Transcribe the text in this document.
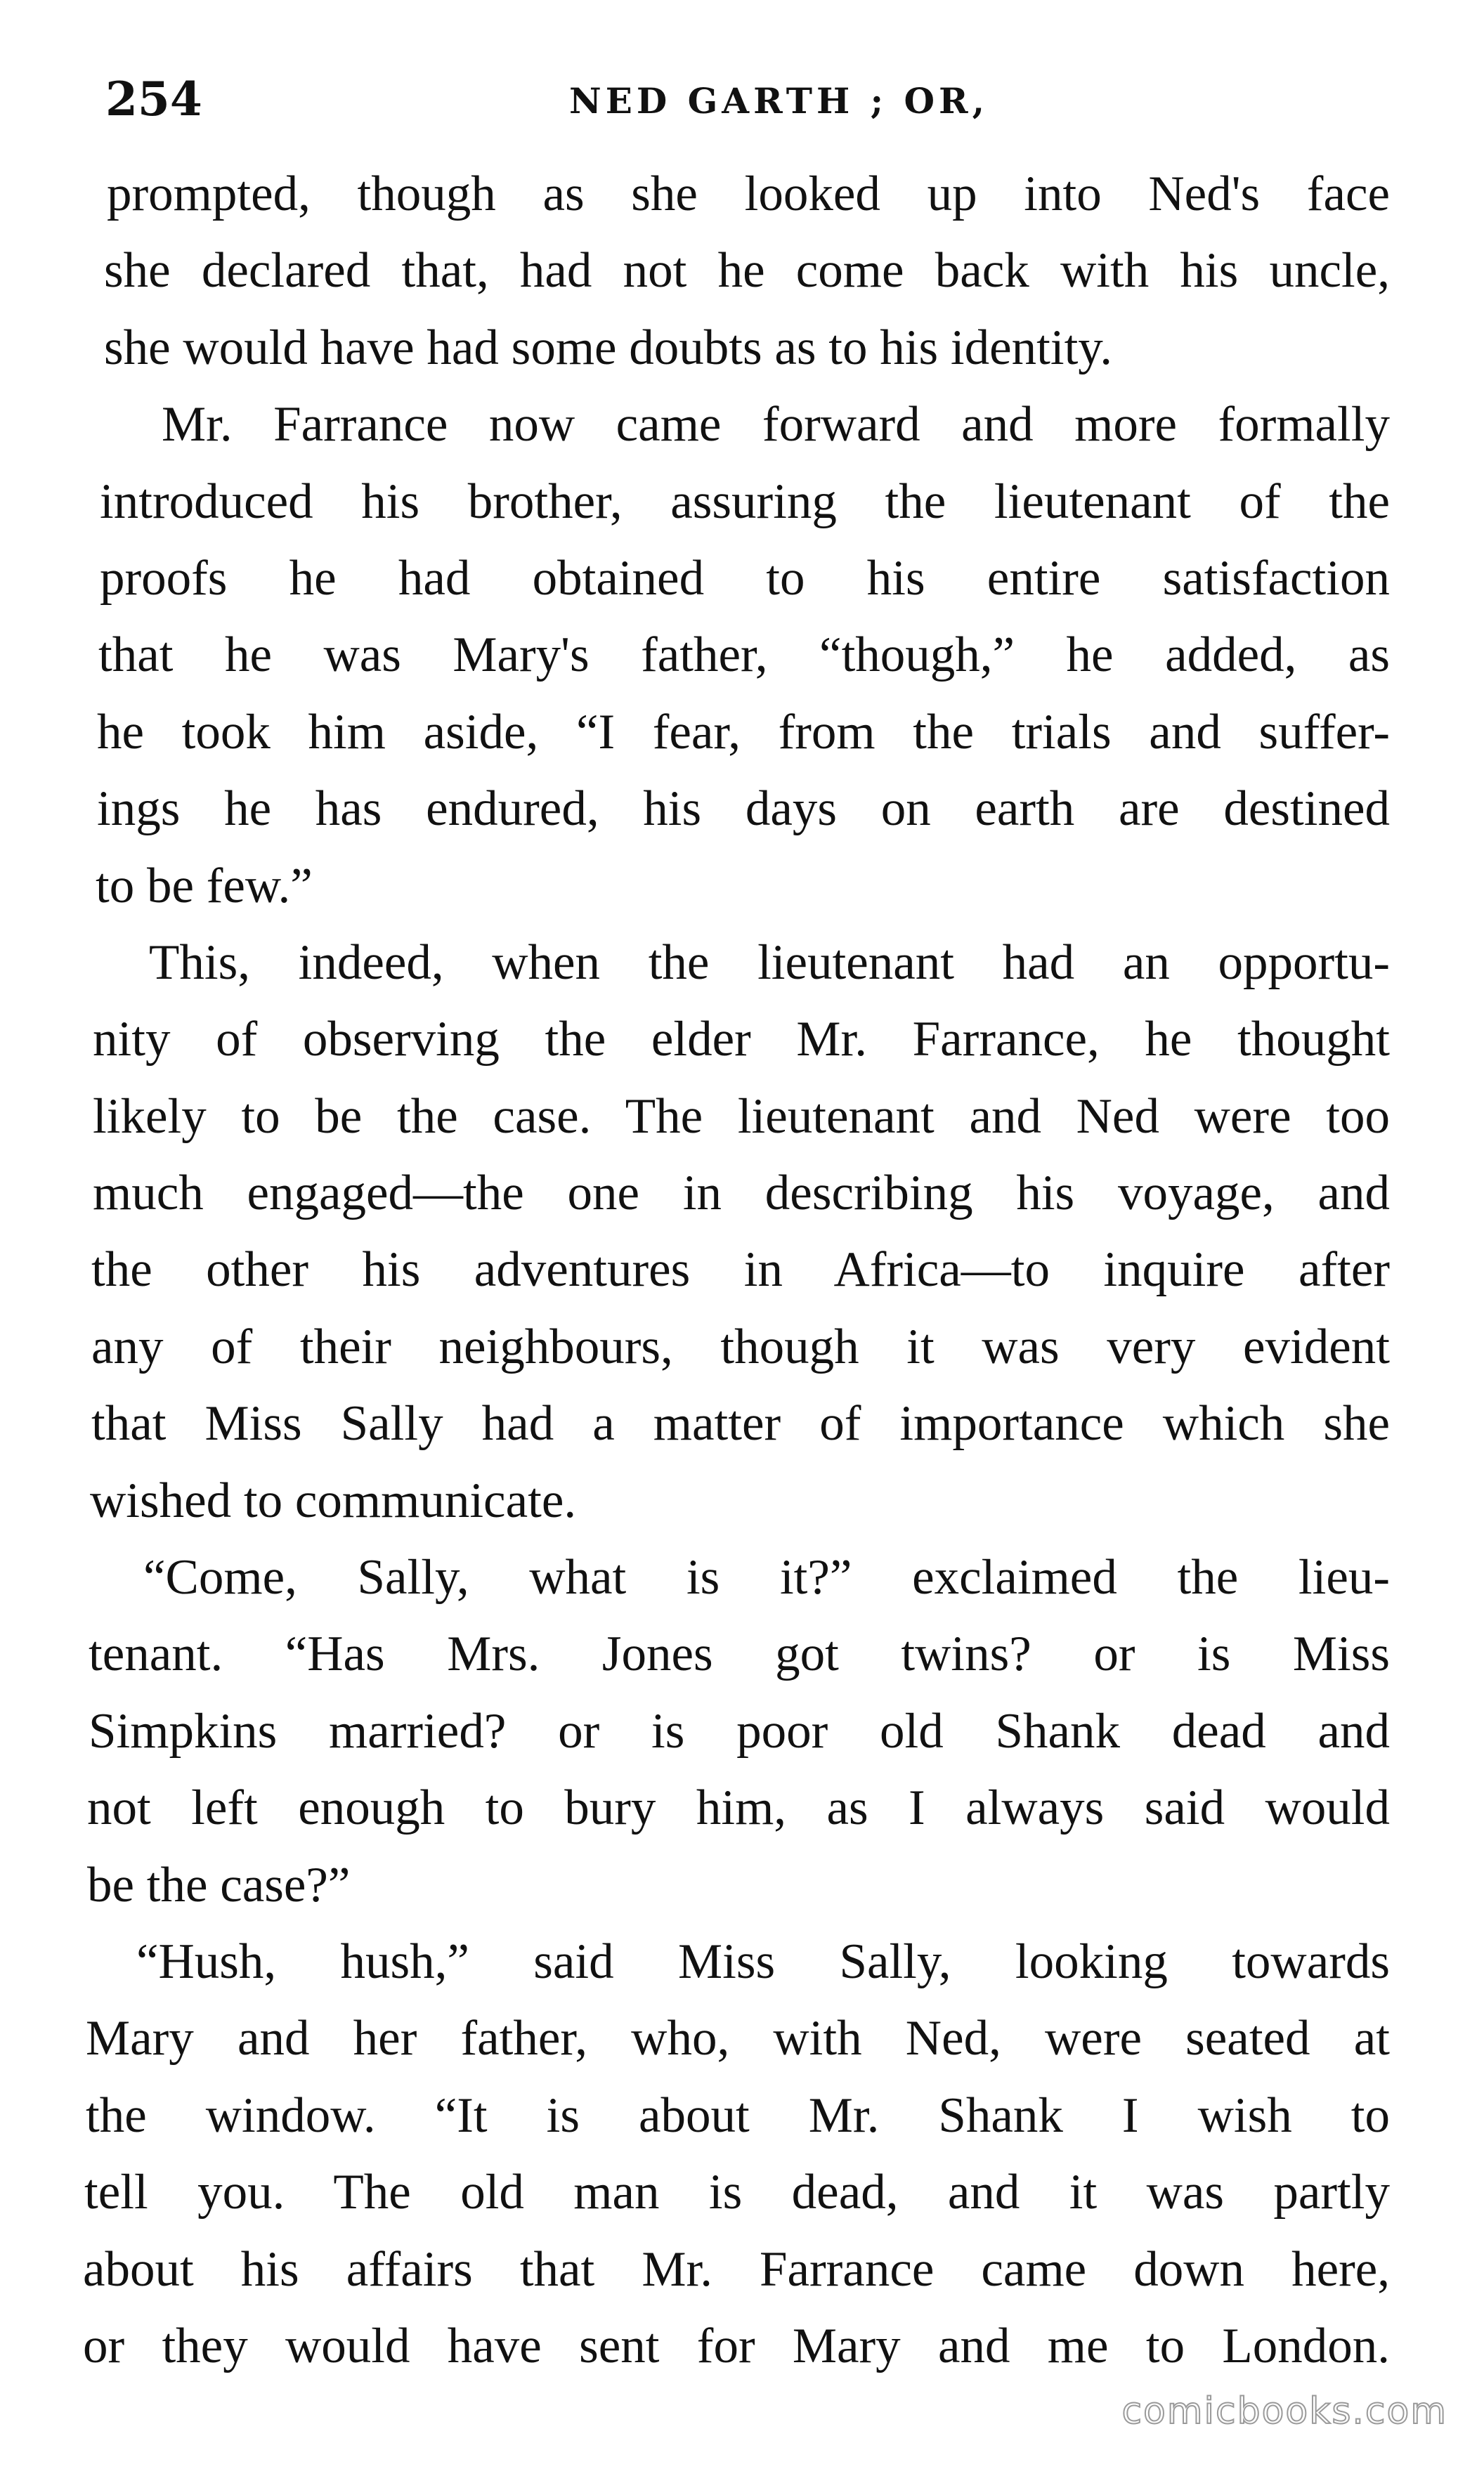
254	NED GARTH ; OR,
prompted, though as she looked up into Ned's face
she declared that, had not he come back with his uncle,
she would have had some doubts as to his identity.
Mr. Farrance now came forward and more formally
introduced his brother, assuring the lieutenant of the
proofs he had obtained to his entire satisfaction
that he was Mary's father, “though,” he added, as
he took him aside, “I fear, from the trials and suffer-
ings he has endured, his days on earth are destined
to be few.”
This, indeed, when the lieutenant had an opportu-
nity of observing the elder Mr. Farrance, he thought
likely to be the case. The lieutenant and Ned were too
much engaged—the one in describing his voyage, and
the other his adventures in Africa—to inquire after
any of their neighbours, though it was very evident
that Miss Sally had a matter of importance which she
wished to communicate.
“Come, Sally, what is it?” exclaimed the lieu-
tenant. “Has Mrs. Jones got twins? or is Miss
Simpkins married? or is poor old Shank dead and
not left enough to bury him, as I always said would
be the case?”
“Hush, hush,” said Miss Sally, looking towards
Mary and her father, who, with Ned, were seated at
the window. “It is about Mr. Shank I wish to
tell you. The old man is dead, and it was partly
about his affairs that Mr. Farrance came down here,
or they would have sent for Mary and me to London.
comicbooks.com
